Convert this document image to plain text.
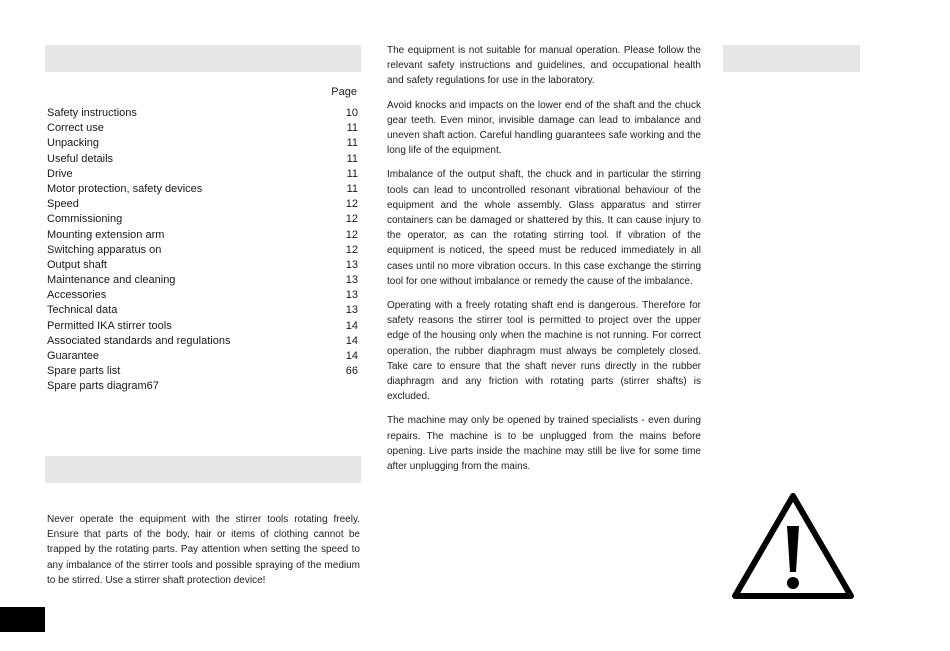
Page
Safety instructions	10
Correct use	11
Unpacking	11
Useful details	11
Drive	11
Motor protection, safety devices	11
Speed	12
Commissioning	12
Mounting extension arm	12
Switching apparatus on	12
Output shaft	13
Maintenance and cleaning	13
Accessories	13
Technical data	13
Permitted IKA stirrer tools	14
Associated standards and regulations	14
Guarantee	14
Spare parts list	66
Spare parts diagram67

Never operate the equipment with the stirrer tools rotating freely. Ensure that parts of the body, hair or items of clothing cannot be trapped by the rotating parts. Pay attention when setting the speed to any imbalance of the stirrer tools and possible spraying of the medium to be stirred. Use a stirrer shaft protection device!

The equipment is not suitable for manual operation. Please follow the relevant safety instructions and guidelines, and occupational health and safety regulations for use in the laboratory.

Avoid knocks and impacts on the lower end of the shaft and the chuck gear teeth. Even minor, invisible damage can lead to imbalance and uneven shaft action. Careful handling guarantees safe working and the long life of the equipment.

Imbalance of the output shaft, the chuck and in particular the stirring tools can lead to uncontrolled resonant vibrational behaviour of the equipment and the whole assembly. Glass apparatus and stirrer containers can be damaged or shattered by this. It can cause injury to the operator, as can the rotating stirring tool. If vibration of the equipment is noticed, the speed must be reduced immediately in all cases until no more vibration occurs. In this case exchange the stirring tool for one without imbalance or remedy the cause of the imbalance.

Operating with a freely rotating shaft end is dangerous. Therefore for safety reasons the stirrer tool is permitted to project over the upper edge of the housing only when the machine is not running. For correct operation, the rubber diaphragm must always be completely closed. Take care to ensure that the shaft never runs directly in the rubber diaphragm and any friction with rotating parts (stirrer shafts) is excluded.

The machine may only be opened by trained specialists - even during repairs. The machine is to be unplugged from the mains before opening. Live parts inside the machine may still be live for some time after unplugging from the mains.
